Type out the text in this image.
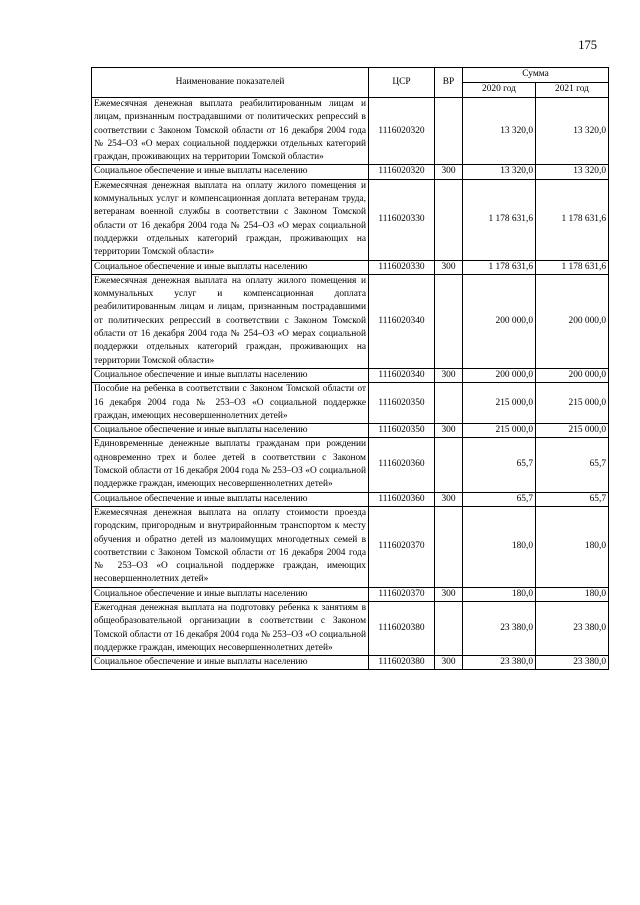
175
Наименование показателей	ЦСР	ВР	Сумма	
			2020 год	2021 год
Ежемесячная денежная выплата реабилитированным лицам и лицам, признанным пострадавшими от политических репрессий в соответствии с Законом Томской области от 16 декабря 2004 года № 254–ОЗ «О мерах социальной поддержки отдельных категорий граждан, проживающих на территории Томской области»	1116020320		13 320,0	13 320,0
Социальное обеспечение и иные выплаты населению	1116020320	300	13 320,0	13 320,0
Ежемесячная денежная выплата на оплату жилого помещения и коммунальных услуг и компенсационная доплата ветеранам труда, ветеранам военной службы в соответствии с Законом Томской области от 16 декабря 2004 года № 254–ОЗ «О мерах социальной поддержки отдельных категорий граждан, проживающих на территории Томской области»	1116020330		1 178 631,6	1 178 631,6
Социальное обеспечение и иные выплаты населению	1116020330	300	1 178 631,6	1 178 631,6
Ежемесячная денежная выплата на оплату жилого помещения и коммунальных услуг и компенсационная доплата реабилитированным лицам и лицам, признанным пострадавшими от политических репрессий в соответствии с Законом Томской области от 16 декабря 2004 года № 254–ОЗ «О мерах социальной поддержки отдельных категорий граждан, проживающих на территории Томской области»	1116020340		200 000,0	200 000,0
Социальное обеспечение и иные выплаты населению	1116020340	300	200 000,0	200 000,0
Пособие на ребенка в соответствии с Законом Томской области от 16 декабря 2004 года № 253–ОЗ «О социальной поддержке граждан, имеющих несовершеннолетних детей»	1116020350		215 000,0	215 000,0
Социальное обеспечение и иные выплаты населению	1116020350	300	215 000,0	215 000,0
Единовременные денежные выплаты гражданам при рождении одновременно трех и более детей в соответствии с Законом Томской области от 16 декабря 2004 года № 253–ОЗ «О социальной поддержке граждан, имеющих несовершеннолетних детей»	1116020360		65,7	65,7
Социальное обеспечение и иные выплаты населению	1116020360	300	65,7	65,7
Ежемесячная денежная выплата на оплату стоимости проезда городским, пригородным и внутрирайонным транспортом к месту обучения и обратно детей из малоимущих многодетных семей в соответствии с Законом Томской области от 16 декабря 2004 года № 253–ОЗ «О социальной поддержке граждан, имеющих несовершеннолетних детей»	1116020370		180,0	180,0
Социальное обеспечение и иные выплаты населению	1116020370	300	180,0	180,0
Ежегодная денежная выплата на подготовку ребенка к занятиям в общеобразовательной организации в соответствии с Законом Томской области от 16 декабря 2004 года № 253–ОЗ «О социальной поддержке граждан, имеющих несовершеннолетних детей»	1116020380		23 380,0	23 380,0
Социальное обеспечение и иные выплаты населению	1116020380	300	23 380,0	23 380,0
